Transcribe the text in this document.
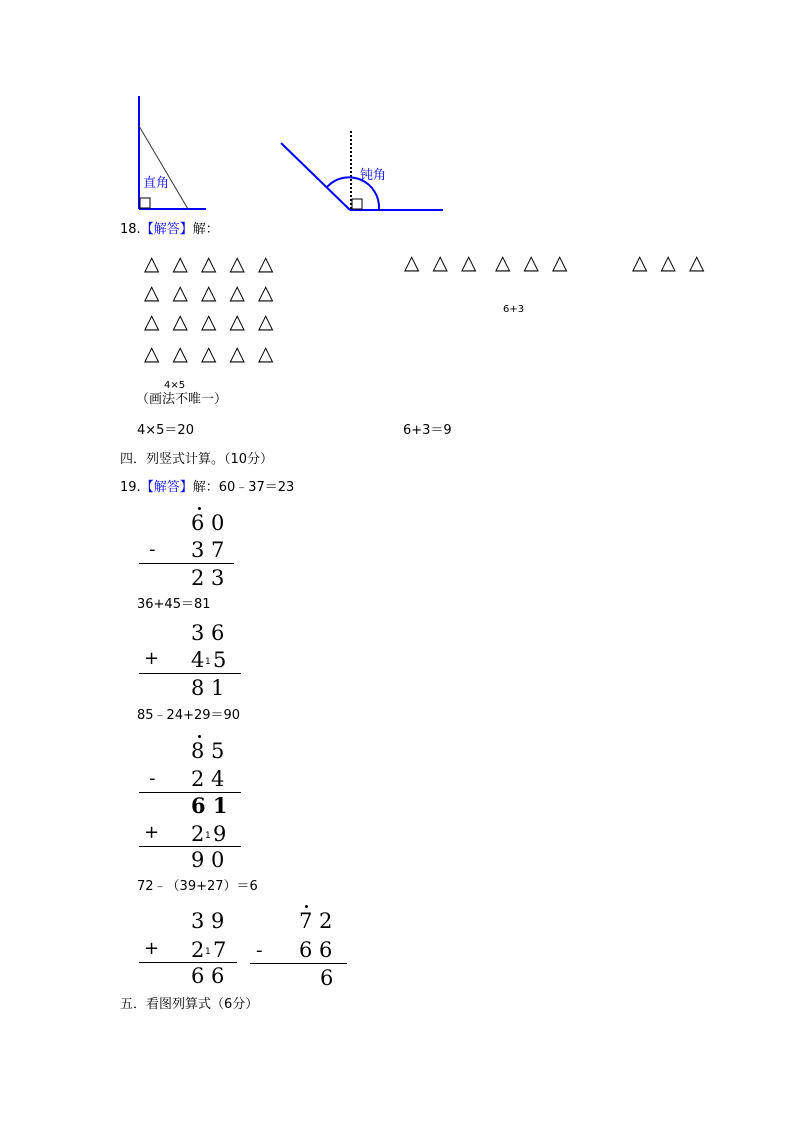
直角
钝角
18.【解答】解：
△ △ △ △ △
△ △ △ △ △
△ △ △ △ △
△ △ △ △ △
4×5
（画法不唯一）
△ △ △ △ △ △	△ △ △
6+3
4×5＝20	6+3＝9
四．列竖式计算。（10分）
19.【解答】解：60﹣37＝23
6 0
- 3 7
2 3
36+45＝81
3 6
+ 4 1 5
8 1
85﹣24+29＝90
8 5
- 2 4
6 1
+ 2 1 9
9 0
72﹣（39+27）＝6
3 9
+ 2 1 7
6 6
7 2
- 6 6
6
五．看图列算式（6分）
